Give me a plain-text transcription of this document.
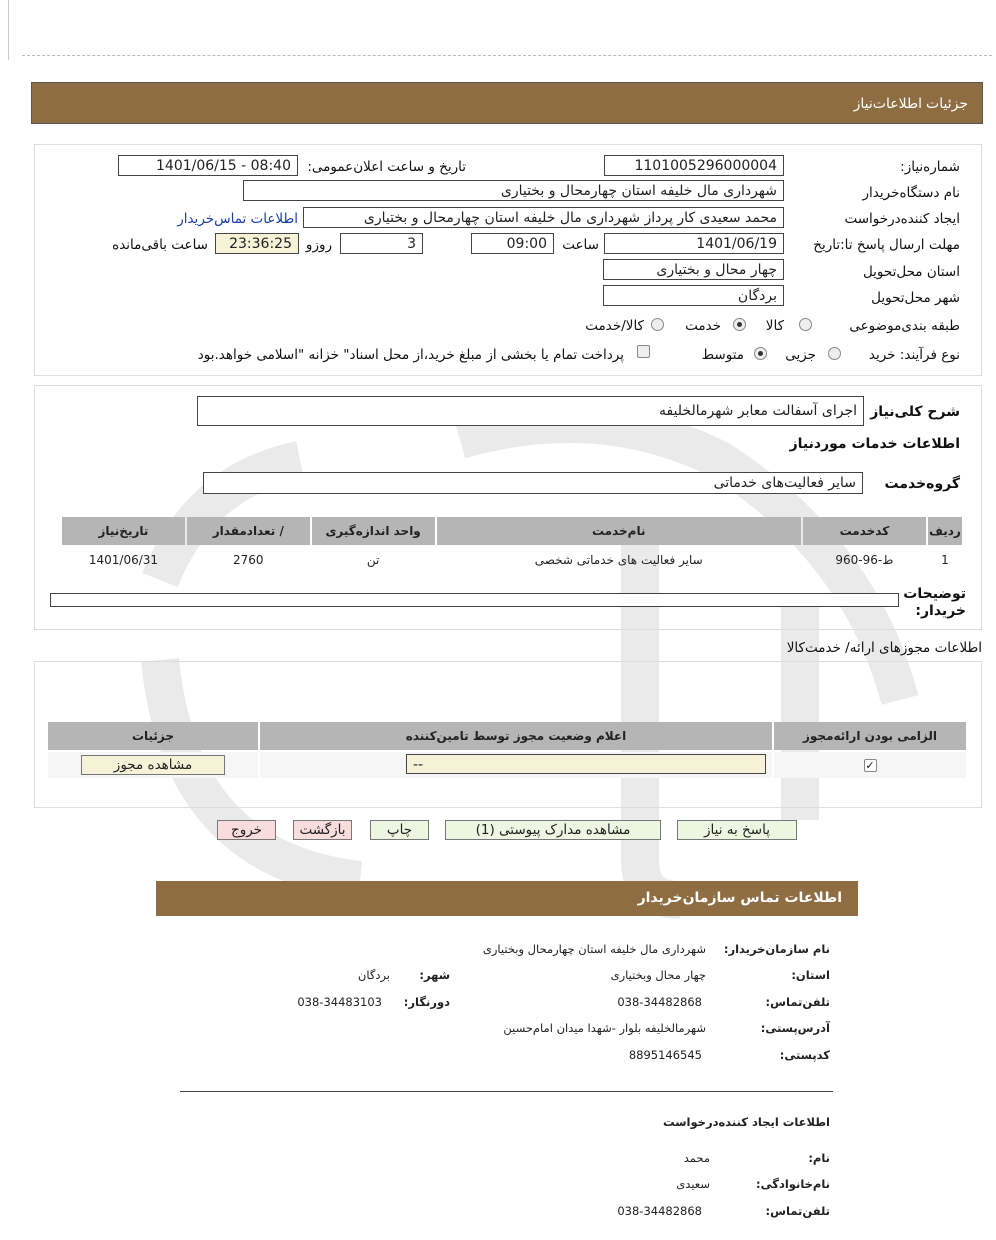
اطلاعات‌نیاز جزئیات
شماره‌نیاز:
1101005296000004
تاریخ و ساعت اعلان‌عمومی:
1401/06/15 - 08:40
نام دستگاه‌خریدار
شهرداری مال خلیفه استان چهارمحال و بختیاری
ایجاد کننده‌درخواست
محمد سعیدی کار پرداز شهرداری مال خلیفه استان چهارمحال و بختیاری
اطلاعات تماس‌خریدار
مهلت ارسال پاسخ تا:تاریخ
1401/06/19
ساعت
09:00
3
روزو
23:36:25
ساعت باقی‌مانده
استان محل‌تحویل
چهار محال و بختیاری
شهر محل‌تحویل
بردگان
طبقه بندی‌موضوعی
کالا
خدمت
کالا/خدمت
نوع فرآیند: خرید
جزیی
متوسط
پرداخت تمام یا بخشی از مبلغ خرید،از محل اسناد" خزانه "اسلامی خواهد.بود
شرح کلی‌نیاز
اجرای آسفالت معابر شهرمالخلیفه
اطلاعات خدمات موردنیاز
گروه‌خدمت
سایر فعالیت‌های خدماتی
ردیف	کدخدمت	نام‌خدمت	واحد اندازه‌گیری	/ تعدادمقدار	تاریخ‌نیاز
1	ط-96-960	سایر فعالیت های خدماتی شخصی	تن	2760	1401/06/31
توضیحات خریدار:
اطلاعات مجوزهای ارائه/ خدمت‌کالا
الزامی بودن ارائه‌مجوز	اعلام وضعیت مجوز توسط تامین‌کننده	جزئیات
✓	--	مشاهده مجوز
پاسخ به نیاز
مشاهده مدارک پیوستی (1)
چاپ
بازگشت
خروج
اطلاعات تماس سازمان‌خریدار
نام سازمان‌خریدار:
شهرداری مال خلیفه استان چهارمحال وبختیاری
استان:
چهار محال وبختیاری
شهر:
بردگان
تلفن‌تماس:
038-34482868
دورنگار:
038-34483103
آدرس‌پستی:
شهرمالخلیفه بلوار -شهدا میدان امام‌حسین
کد‌پستی:
8895146545
اطلاعات ایجاد کننده‌درخواست
نام:
محمد
نام‌خانوادگی:
سعیدی
تلفن‌تماس:
038-34482868
